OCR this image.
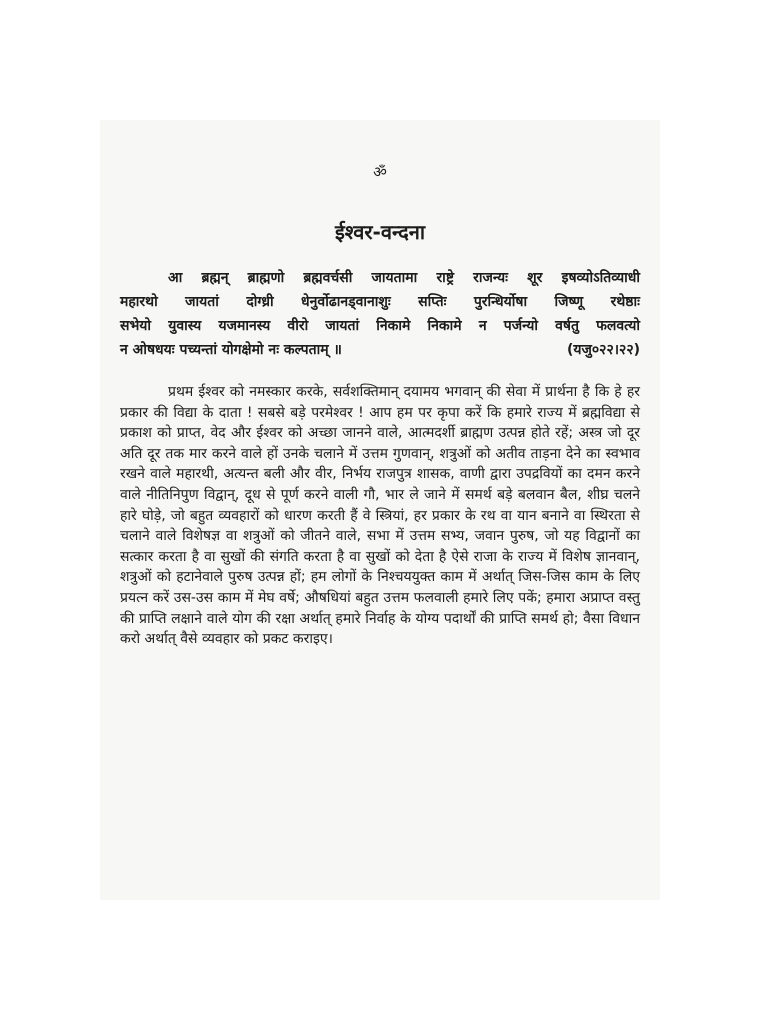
ॐ
ईश्वर-वन्दना
आ ब्रह्मन् ब्राह्मणो ब्रह्मवर्चसी जायतामा राष्ट्रे राजन्यः शूर इषव्योऽतिव्याधी
महारथो जायतां दोग्ध्री धेनुर्वोढानड्वानाशुः सप्तिः पुरन्धिर्योषा जिष्णू रथेष्ठाः
सभेयो युवास्य यजमानस्य वीरो जायतां निकामे निकामे न पर्जन्यो वर्षतु फलवत्यो
न ओषधयः पच्यन्तां योगक्षेमो नः कल्पताम् ॥	(यजु०२२।२२)
प्रथम ईश्वर को नमस्कार करके, सर्वशक्तिमान् दयामय भगवान् की सेवा में प्रार्थना है कि हे हर प्रकार की विद्या के दाता ! सबसे बड़े परमेश्वर ! आप हम पर कृपा करें कि हमारे राज्य में ब्रह्मविद्या से प्रकाश को प्राप्त, वेद और ईश्वर को अच्छा जानने वाले, आत्मदर्शी ब्राह्मण उत्पन्न होते रहें; अस्त्र जो दूर अति दूर तक मार करने वाले हों उनके चलाने में उत्तम गुणवान्, शत्रुओं को अतीव ताड़ना देने का स्वभाव रखने वाले महारथी, अत्यन्त बली और वीर, निर्भय राजपुत्र शासक, वाणी द्वारा उपद्रवियों का दमन करने वाले नीतिनिपुण विद्वान्, दूध से पूर्ण करने वाली गौ, भार ले जाने में समर्थ बड़े बलवान बैल, शीघ्र चलने हारे घोड़े, जो बहुत व्यवहारों को धारण करती हैं वे स्त्रियां, हर प्रकार के रथ वा यान बनाने वा स्थिरता से चलाने वाले विशेषज्ञ वा शत्रुओं को जीतने वाले, सभा में उत्तम सभ्य, जवान पुरुष, जो यह विद्वानों का सत्कार करता है वा सुखों की संगति करता है वा सुखों को देता है ऐसे राजा के राज्य में विशेष ज्ञानवान्, शत्रुओं को हटानेवाले पुरुष उत्पन्न हों; हम लोगों के निश्चययुक्त काम में अर्थात् जिस-जिस काम के लिए प्रयत्न करें उस-उस काम में मेघ वर्षे; औषधियां बहुत उत्तम फलवाली हमारे लिए पकें; हमारा अप्राप्त वस्तु की प्राप्ति लक्षाने वाले योग की रक्षा अर्थात् हमारे निर्वाह के योग्य पदार्थों की प्राप्ति समर्थ हो; वैसा विधान करो अर्थात् वैसे व्यवहार को प्रकट कराइए।
